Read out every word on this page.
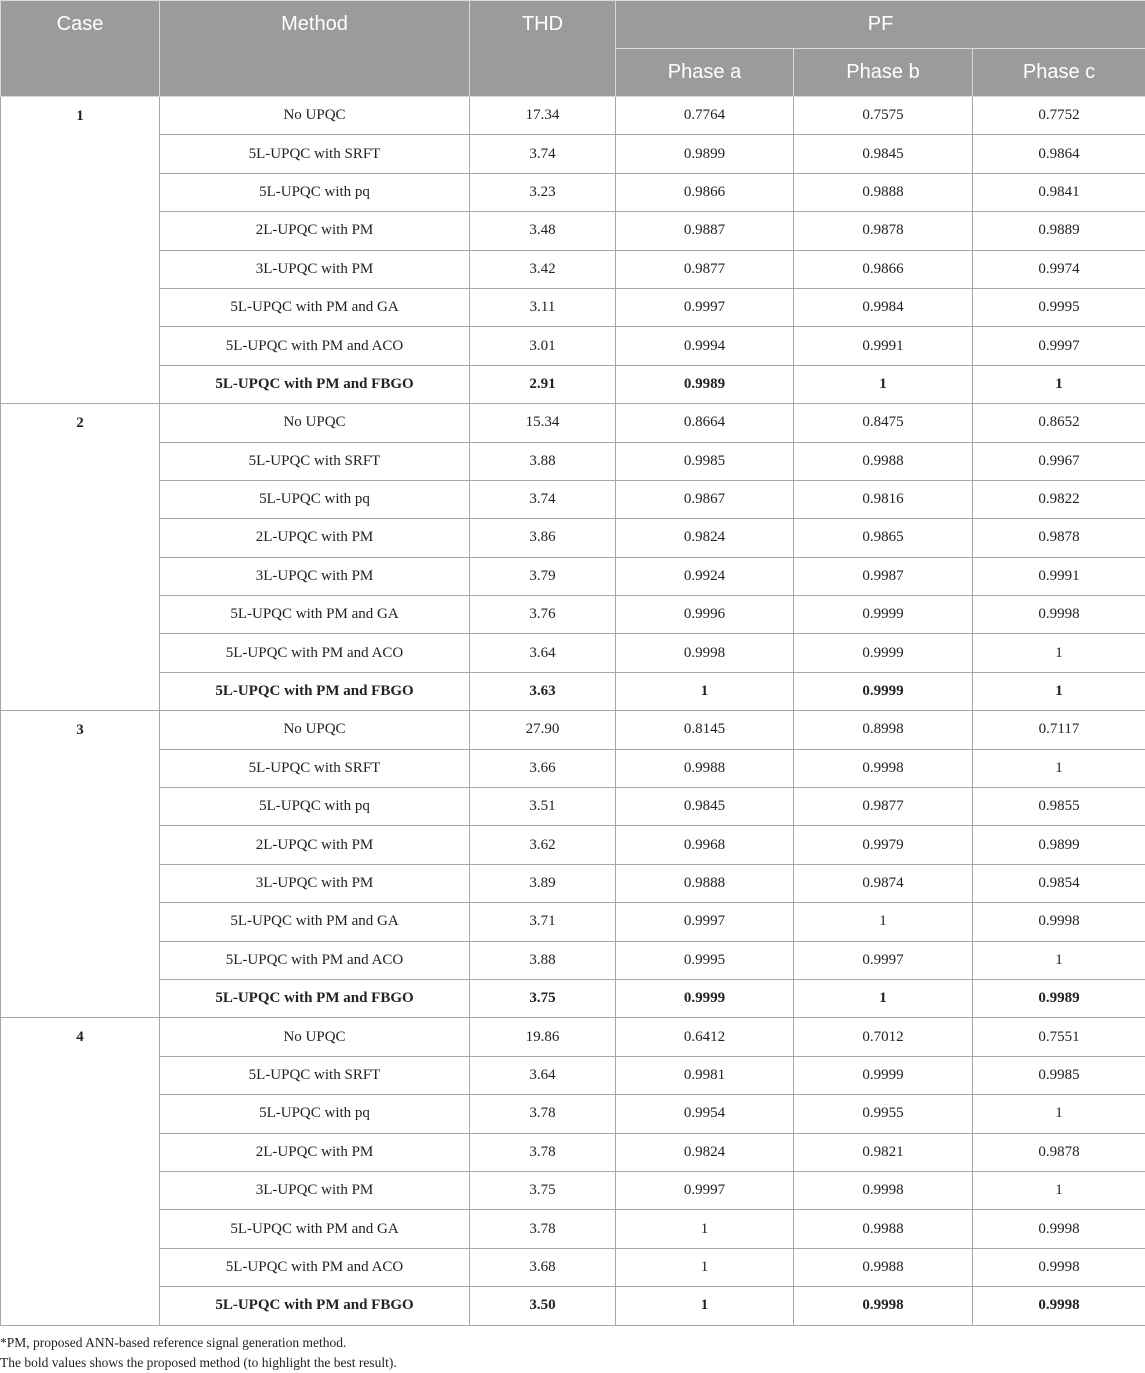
Case	Method	THD	PF		
			Phase a	Phase b	Phase c
1	No UPQC	17.34	0.7764	0.7575	0.7752
	5L-UPQC with SRFT	3.74	0.9899	0.9845	0.9864
	5L-UPQC with pq	3.23	0.9866	0.9888	0.9841
	2L-UPQC with PM	3.48	0.9887	0.9878	0.9889
	3L-UPQC with PM	3.42	0.9877	0.9866	0.9974
	5L-UPQC with PM and GA	3.11	0.9997	0.9984	0.9995
	5L-UPQC with PM and ACO	3.01	0.9994	0.9991	0.9997
	5L-UPQC with PM and FBGO	2.91	0.9989	1	1
2	No UPQC	15.34	0.8664	0.8475	0.8652
	5L-UPQC with SRFT	3.88	0.9985	0.9988	0.9967
	5L-UPQC with pq	3.74	0.9867	0.9816	0.9822
	2L-UPQC with PM	3.86	0.9824	0.9865	0.9878
	3L-UPQC with PM	3.79	0.9924	0.9987	0.9991
	5L-UPQC with PM and GA	3.76	0.9996	0.9999	0.9998
	5L-UPQC with PM and ACO	3.64	0.9998	0.9999	1
	5L-UPQC with PM and FBGO	3.63	1	0.9999	1
3	No UPQC	27.90	0.8145	0.8998	0.7117
	5L-UPQC with SRFT	3.66	0.9988	0.9998	1
	5L-UPQC with pq	3.51	0.9845	0.9877	0.9855
	2L-UPQC with PM	3.62	0.9968	0.9979	0.9899
	3L-UPQC with PM	3.89	0.9888	0.9874	0.9854
	5L-UPQC with PM and GA	3.71	0.9997	1	0.9998
	5L-UPQC with PM and ACO	3.88	0.9995	0.9997	1
	5L-UPQC with PM and FBGO	3.75	0.9999	1	0.9989
4	No UPQC	19.86	0.6412	0.7012	0.7551
	5L-UPQC with SRFT	3.64	0.9981	0.9999	0.9985
	5L-UPQC with pq	3.78	0.9954	0.9955	1
	2L-UPQC with PM	3.78	0.9824	0.9821	0.9878
	3L-UPQC with PM	3.75	0.9997	0.9998	1
	5L-UPQC with PM and GA	3.78	1	0.9988	0.9998
	5L-UPQC with PM and ACO	3.68	1	0.9988	0.9998
	5L-UPQC with PM and FBGO	3.50	1	0.9998	0.9998
*PM, proposed ANN-based reference signal generation method.
The bold values shows the proposed method (to highlight the best result).
